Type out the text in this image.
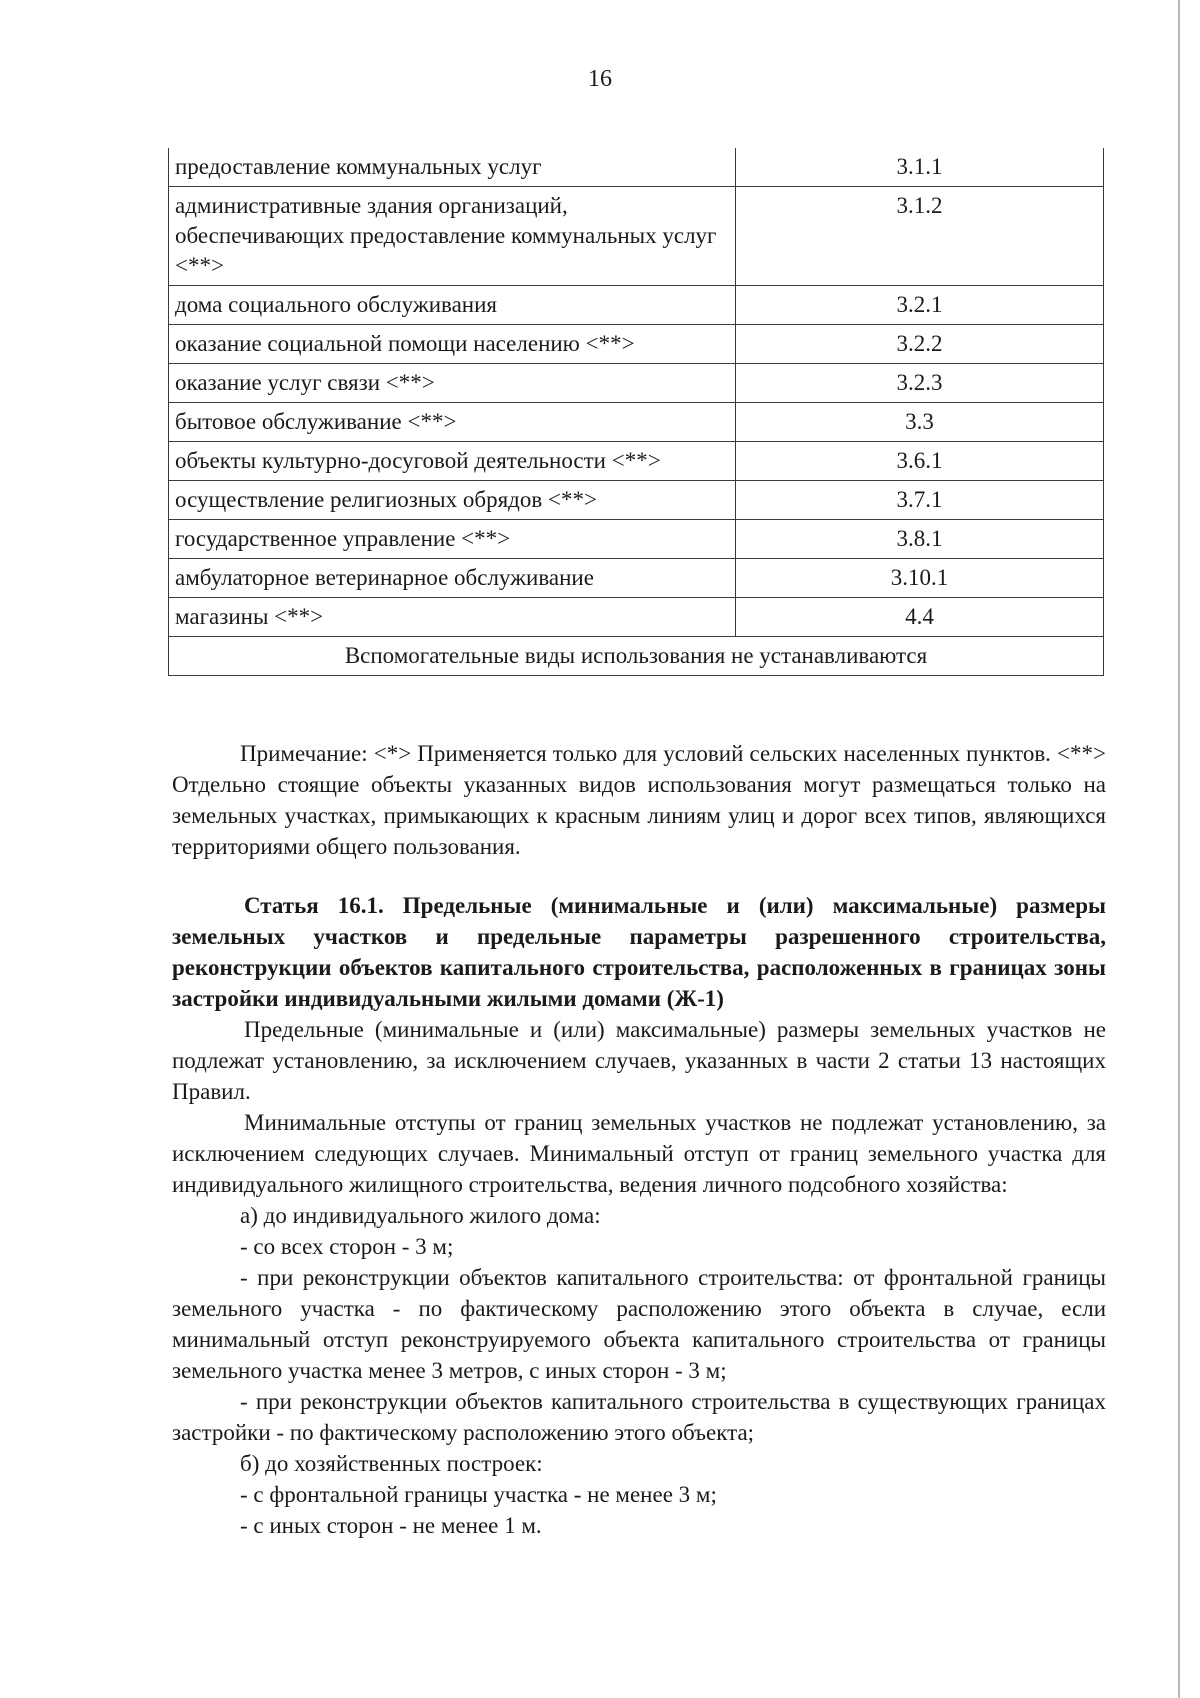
16
предоставление коммунальных услуг	3.1.1
административные здания организаций, обеспечивающих предоставление коммунальных услуг <**>	3.1.2
дома социального обслуживания	3.2.1
оказание социальной помощи населению <**>	3.2.2
оказание услуг связи <**>	3.2.3
бытовое обслуживание <**>	3.3
объекты культурно-досуговой деятельности <**>	3.6.1
осуществление религиозных обрядов <**>	3.7.1
государственное управление <**>	3.8.1
амбулаторное ветеринарное обслуживание	3.10.1
магазины <**>	4.4
Вспомогательные виды использования не устанавливаются	

Примечание: <*> Применяется только для условий сельских населенных пунктов. <**> Отдельно стоящие объекты указанных видов использования могут размещаться только на земельных участках, примыкающих к красным линиям улиц и дорог всех типов, являющихся территориями общего пользования.

Статья 16.1. Предельные (минимальные и (или) максимальные) размеры земельных участков и предельные параметры разрешенного строительства, реконструкции объектов капитального строительства, расположенных в границах зоны застройки индивидуальными жилыми домами (Ж-1)

Предельные (минимальные и (или) максимальные) размеры земельных участков не подлежат установлению, за исключением случаев, указанных в части 2 статьи 13 настоящих Правил.

Минимальные отступы от границ земельных участков не подлежат установлению, за исключением следующих случаев. Минимальный отступ от границ земельного участка для индивидуального жилищного строительства, ведения личного подсобного хозяйства:

а) до индивидуального жилого дома:

- со всех сторон - 3 м;

- при реконструкции объектов капитального строительства: от фронтальной границы земельного участка - по фактическому расположению этого объекта в случае, если минимальный отступ реконструируемого объекта капитального строительства от границы земельного участка менее 3 метров, с иных сторон - 3 м;

- при реконструкции объектов капитального строительства в существующих границах застройки - по фактическому расположению этого объекта;

б) до хозяйственных построек:

- с фронтальной границы участка - не менее 3 м;

- с иных сторон - не менее 1 м.
